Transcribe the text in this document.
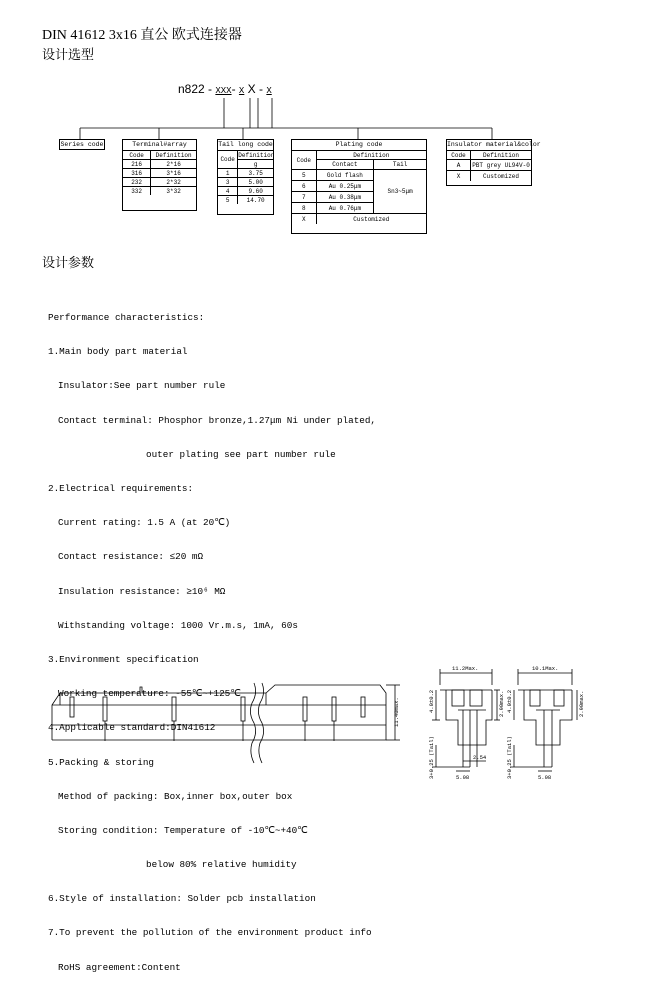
DIN 41612 3x16 直公 欧式连接器
设计选型
n822 - XXX- X X - X
Series code	Terminal#array
Code	Definition
216	2*16
316	3*16
232	2*32
332	3*32
Tail long code
Code	Definition
	g
1	3.75
3	5.00
4	9.60
5	14.70
Plating code
Code	Definition	
	Contact	Tail
5	Gold flash	Sn3~5μm
6	Au 0.25μm	
7	Au 0.38μm	
8	Au 0.76μm	
X	Customized	
Insulator material&color
Code	Definition
A	PBT grey UL94V-0
X	Customized
设计参数

Performance characteristics:

1.Main body part material

Insulator:See part number rule

Contact terminal: Phosphor bronze,1.27μm Ni under plated,

outer plating see part number rule

2.Electrical requirements:

Current rating: 1.5 A (at 20℃)

Contact resistance: ≤20 mΩ

Insulation resistance: ≥10⁶ MΩ

Withstanding voltage: 1000 Vr.m.s, 1mA, 60s

3.Environment specification

Working temperature: -55℃~+125℃

4.Applicable standard:DIN41612

5.Packing & storing

Method of packing: Box,inner box,outer box

Storing condition: Temperature of -10℃~+40℃

below 80% relative humidity

6.Style of installation: Solder pcb installation

7.To prevent the pollution of the environment product info

RoHS agreement:Content

11.40max.
11.2Max.	10.1Max.
2.90max.	2.90max.
4.0±0.2	4.0±0.2
3+0.25 (Tail)	3+0.25 (Tail)
2.54
5.08	5.08
